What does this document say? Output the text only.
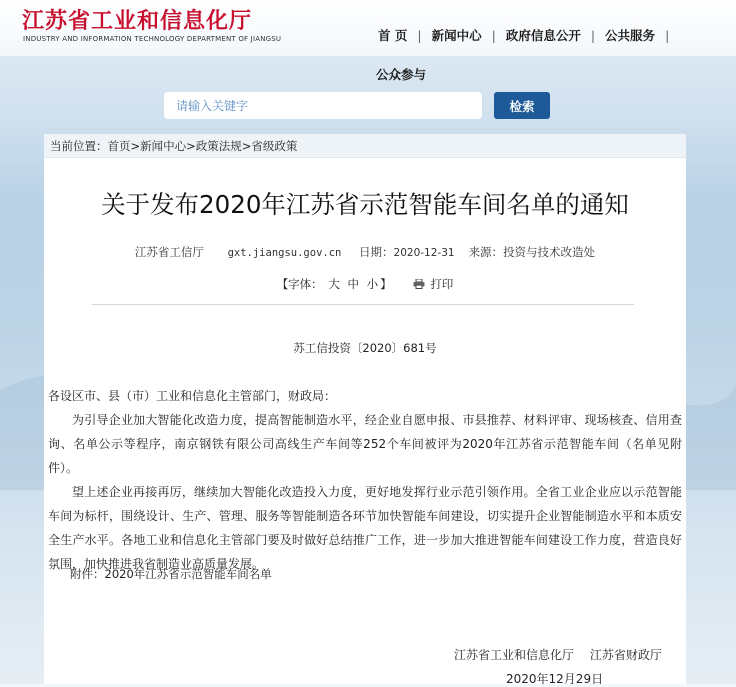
江苏省工业和信息化厅
INDUSTRY AND INFORMATION TECHNOLOGY DEPARTMENT OF JIANGSU	首 页 | 新闻中心 | 政府信息公开 | 公共服务 |
公众参与
请输入关键字
检索
当前位置：首页>新闻中心>政策法规>省级政策
关于发布2020年江苏省示范智能车间名单的通知
江苏省工信厅 gxt.jiangsu.gov.cn 日期：2020-12-31 来源：投资与技术改造处
【字体： 大 中 小 】	打印
苏工信投资〔2020〕681号

各设区市、县（市）工业和信息化主管部门，财政局：

为引导企业加大智能化改造力度，提高智能制造水平，经企业自愿申报、市县推荐、材料评审、现场核查、信用查询、名单公示等程序，南京钢铁有限公司高线生产车间等252个车间被评为2020年江苏省示范智能车间（名单见附件）。

望上述企业再接再厉，继续加大智能化改造投入力度，更好地发挥行业示范引领作用。全省工业企业应以示范智能车间为标杆，围绕设计、生产、管理、服务等智能制造各环节加快智能车间建设，切实提升企业智能制造水平和本质安全生产水平。各地工业和信息化主管部门要及时做好总结推广工作，进一步加大推进智能车间建设工作力度，营造良好氛围，加快推进我省制造业高质量发展。

附件：2020年江苏省示范智能车间名单
江苏省工业和信息化厅 江苏省财政厅
2020年12月29日
